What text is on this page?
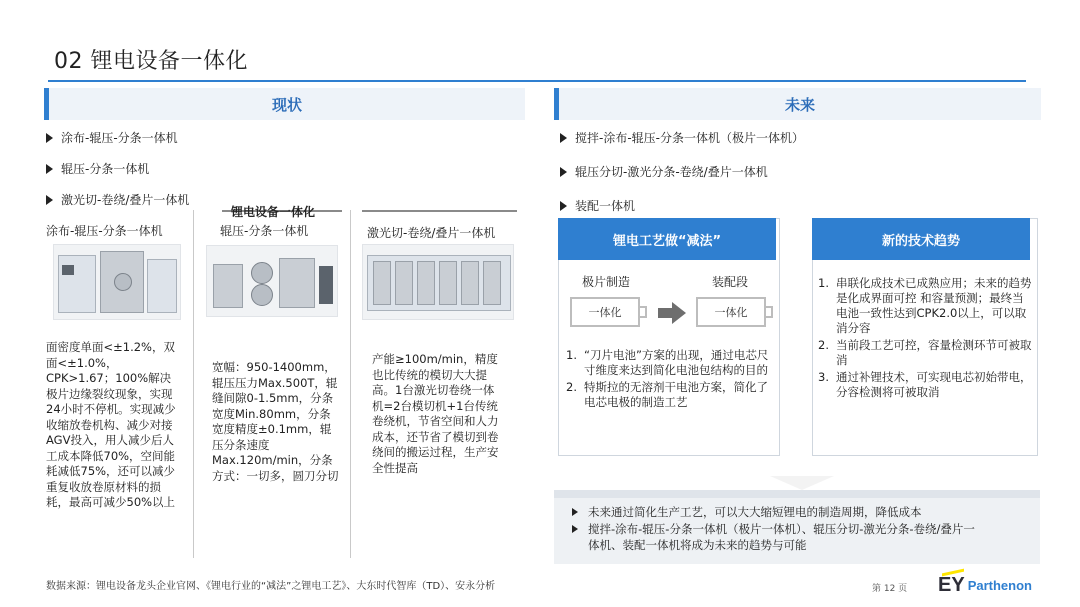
02 锂电设备一体化
现状	未来
涂布-辊压-分条一体机
辊压-分条一体机
激光切-卷绕/叠片一体机
搅拌-涂布-辊压-分条一体机（极片一体机）
辊压分切-激光分条-卷绕/叠片一体机
装配一体机
锂电设备一体化
涂布-辊压-分条一体机	辊压-分条一体机	激光切-卷绕/叠片一体机
面密度单面<±1.2%，双面<±1.0%，CPK>1.67；100%解决极片边缘裂纹现象，实现24小时不停机。实现减少收缩放卷机构、减少对接AGV投入，用人减少后人工成本降低70%，空间能耗减低75%，还可以减少重复收放卷原材料的损耗，最高可减少50%以上
宽幅：950-1400mm，辊压压力Max.500T，辊缝间隙0-1.5mm，分条宽度Min.80mm，分条宽度精度±0.1mm，辊压分条速度Max.120m/min，分条方式：一切多，圆刀分切
产能≥100m/min，精度也比传统的模切大大提高。1台激光切卷绕一体机=2台模切机+1台传统卷绕机，节省空间和人力成本，还节省了模切到卷绕间的搬运过程，生产安全性提高
锂电工艺做“减法”
极片制造	装配段
一体化	一体化
1. “刀片电池”方案的出现，通过电芯尺寸维度来达到简化电池包结构的目的
2. 特斯拉的无溶剂干电池方案，简化了电芯电极的制造工艺
新的技术趋势
1. 串联化成技术已成熟应用；未来的趋势是化成界面可控 和容量预测；最终当电池一致性达到CPK2.0以上，可以取消分容
2. 当前段工艺可控，容量检测环节可被取消
3. 通过补锂技术，可实现电芯初始带电，分容检测将可被取消
未来通过简化生产工艺，可以大大缩短锂电的制造周期，降低成本
搅拌-涂布-辊压-分条一体机（极片一体机）、辊压分切-激光分条-卷绕/叠片一
体机、装配一体机将成为未来的趋势与可能
数据来源：锂电设备龙头企业官网、《锂电行业的“减法”之锂电工艺》、大东时代智库（TD）、安永分析	第 12 页 EY Parthenon
